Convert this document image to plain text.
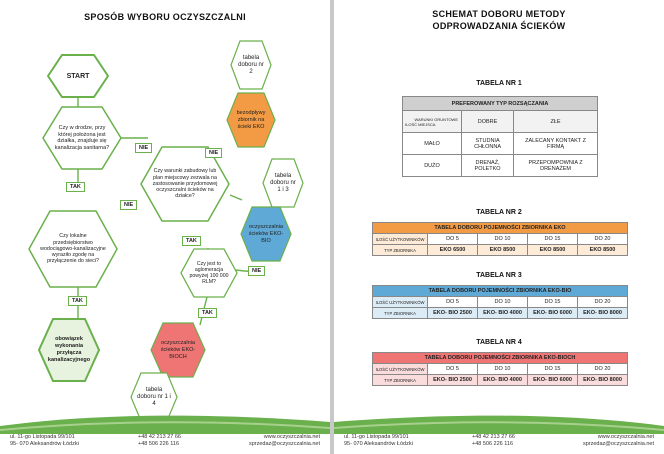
SPOSÓB WYBORU OCZYSZCZALNI
START
Czy w drodze, przy której położona jest działka, znajduje się kanalizacja sanitarna?
tabela doboru nr 2
bezodpływy zbiornik na ścieki EKO
Czy warunki zabudowy lub plan miejscowy zezwala na zastosowanie przydomowej oczyszczalni ścieków na działce?
tabela doboru nr 1 i 3
oczyszczalnia ścieków EKO-BIO
Czy lokalne przedsiębiorstwo wodociągowo-kanalizacyjne wyraziło zgodę na przyłączenie do sieci?	Czy jest to aglomeracja powyżej 100 000 RLM?
obowiązek wykonania przyłącza kanalizacyjnego
oczyszczalnia ścieków EKO-BIOCH
tabela doboru nr 1 i 4
NIE
NIE
TAK
NIE
TAK
NIE
TAK
TAK
ul. 11-go Listopada 99/101
95- 070 Aleksandrów Łódzki
+48 42 213 27 66
+48 506 226 116
www.oczyszczalnia.net
sprzedaz@oczyszczalnia.net
SCHEMAT DOBORU METODY
ODPROWADZANIA ŚCIEKÓW
TABELA NR 1
PREFEROWANY TYP ROZSĄCZANIA		

WARUNKI GRUNTOWE
ILOŚĆ MIEJSCA	DOBRE	ZŁE
MAŁO	STUDNIA CHŁONNA	ZALECANY KONTAKT Z FIRMĄ
DUŻO	DRENAŻ, POLETKO	PRZEPOMPOWNIA Z DRENAŻEM
TABELA NR 2
TABELA DOBORU POJEMNOŚCI ZBIORNIKA EKO				
ILOŚĆ UŻYTKOWNIKÓW	DO 5	DO 10	DO 15	DO 20
TYP ZBIORNIKA	EKO 6500	EKO 8500	EKO 8500	EKO 8500
TABELA NR 3
TABELA DOBORU POJEMNOŚCI ZBIORNIKA EKO-BIO				
ILOŚĆ UŻYTKOWNIKÓW	DO 5	DO 10	DO 15	DO 20
TYP ZBIORNIKA	EKO- BIO 2500	EKO- BIO 4000	EKO- BIO 6000	EKO- BIO 8000
TABELA NR 4
TABELA DOBORU POJEMNOŚCI ZBIORNIKA EKO-BIOCH				
ILOŚĆ UŻYTKOWNIKÓW	DO 5	DO 10	DO 15	DO 20
TYP ZBIORNIKA	EKO- BIO 2500	EKO- BIO 4000	EKO- BIO 6000	EKO- BIO 8000
ul. 11-go Listopada 99/101
95- 070 Aleksandrów Łódzki
+48 42 213 27 66
+48 506 226 116
www.oczyszczalnia.net
sprzedaz@oczyszczalnia.net
